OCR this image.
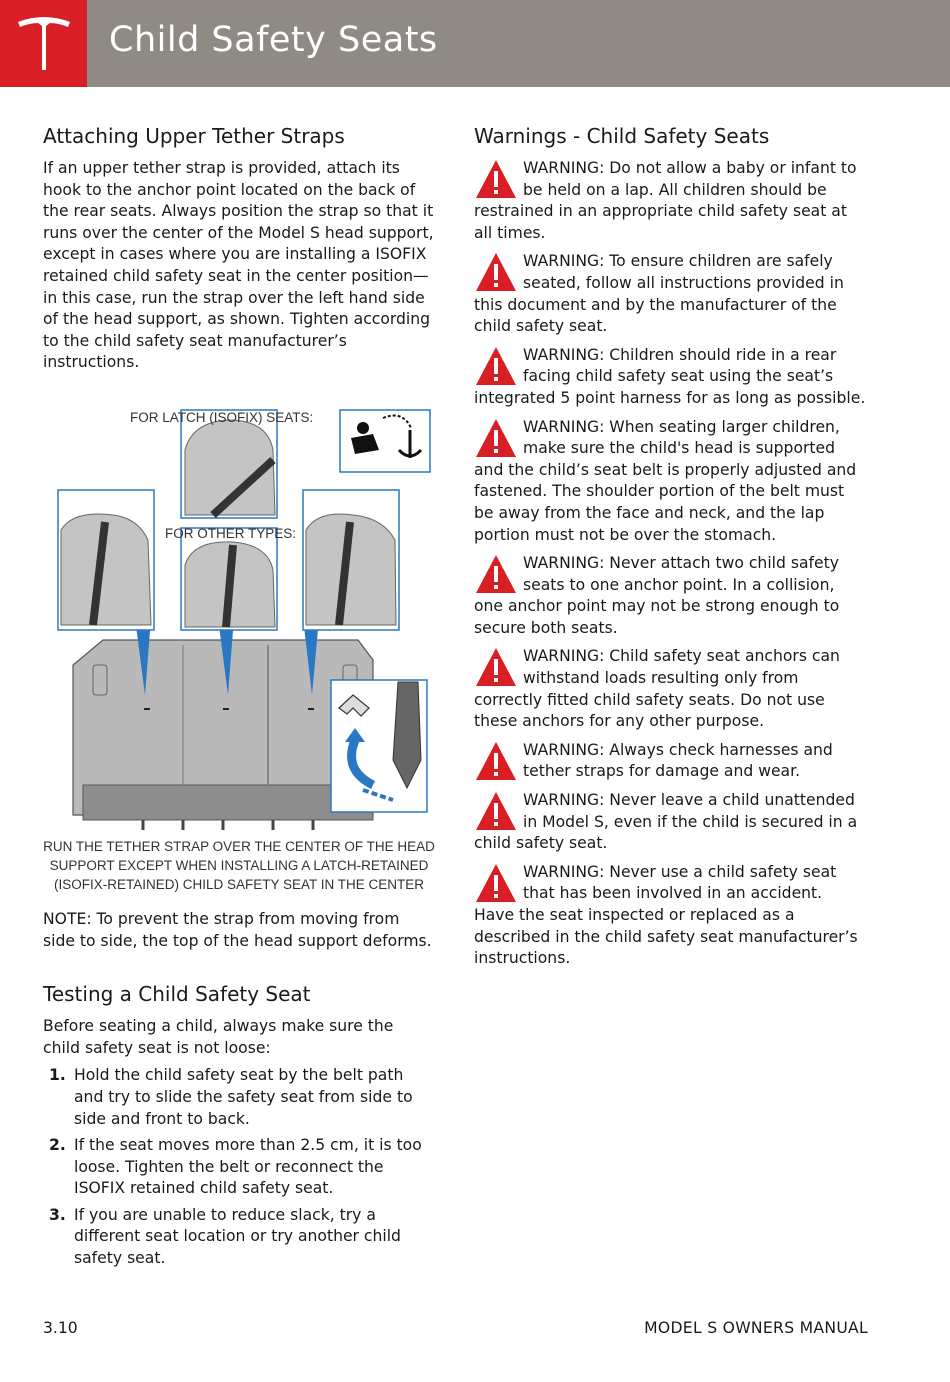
Child Safety Seats
Attaching Upper Tether Straps

If an upper tether strap is provided, attach its hook to the anchor point located on the back of the rear seats. Always position the strap so that it runs over the center of the Model S head support, except in cases where you are installing a ISOFIX retained child safety seat in the center position—in this case, run the strap over the left hand side of the head support, as shown. Tighten according to the child safety seat manufacturer’s instructions.

FOR LATCH (ISOFIX) SEATS:
FOR OTHER TYPES:
RUN THE TETHER STRAP OVER THE CENTER OF THE HEAD
SUPPORT EXCEPT WHEN INSTALLING A LATCH-RETAINED
(ISOFIX-RETAINED) CHILD SAFETY SEAT IN THE CENTER

NOTE: To prevent the strap from moving from side to side, the top of the head support deforms.

Testing a Child Safety Seat

Before seating a child, always make sure the child safety seat is not loose:

1. Hold the child safety seat by the belt path and try to slide the safety seat from side to side and front to back.
2. If the seat moves more than 2.5 cm, it is too loose. Tighten the belt or reconnect the ISOFIX retained child safety seat.
3. If you are unable to reduce slack, try a different seat location or try another child safety seat.
Warnings - Child Safety Seats
WARNING: Do not allow a baby or infant to be held on a lap. All children should be restrained in an appropriate child safety seat at all times.
WARNING: To ensure children are safely seated, follow all instructions provided in this document and by the manufacturer of the child safety seat.
WARNING: Children should ride in a rear facing child safety seat using the seat’s integrated 5 point harness for as long as possible.
WARNING: When seating larger children, make sure the child's head is supported and the child’s seat belt is properly adjusted and fastened. The shoulder portion of the belt must be away from the face and neck, and the lap portion must not be over the stomach.
WARNING: Never attach two child safety seats to one anchor point. In a collision, one anchor point may not be strong enough to secure both seats.
WARNING: Child safety seat anchors can withstand loads resulting only from correctly fitted child safety seats. Do not use these anchors for any other purpose.
WARNING: Always check harnesses and tether straps for damage and wear.
WARNING: Never leave a child unattended in Model S, even if the child is secured in a child safety seat.
WARNING: Never use a child safety seat that has been involved in an accident. Have the seat inspected or replaced as a described in the child safety seat manufacturer’s instructions.
3.10	MODEL S OWNERS MANUAL
